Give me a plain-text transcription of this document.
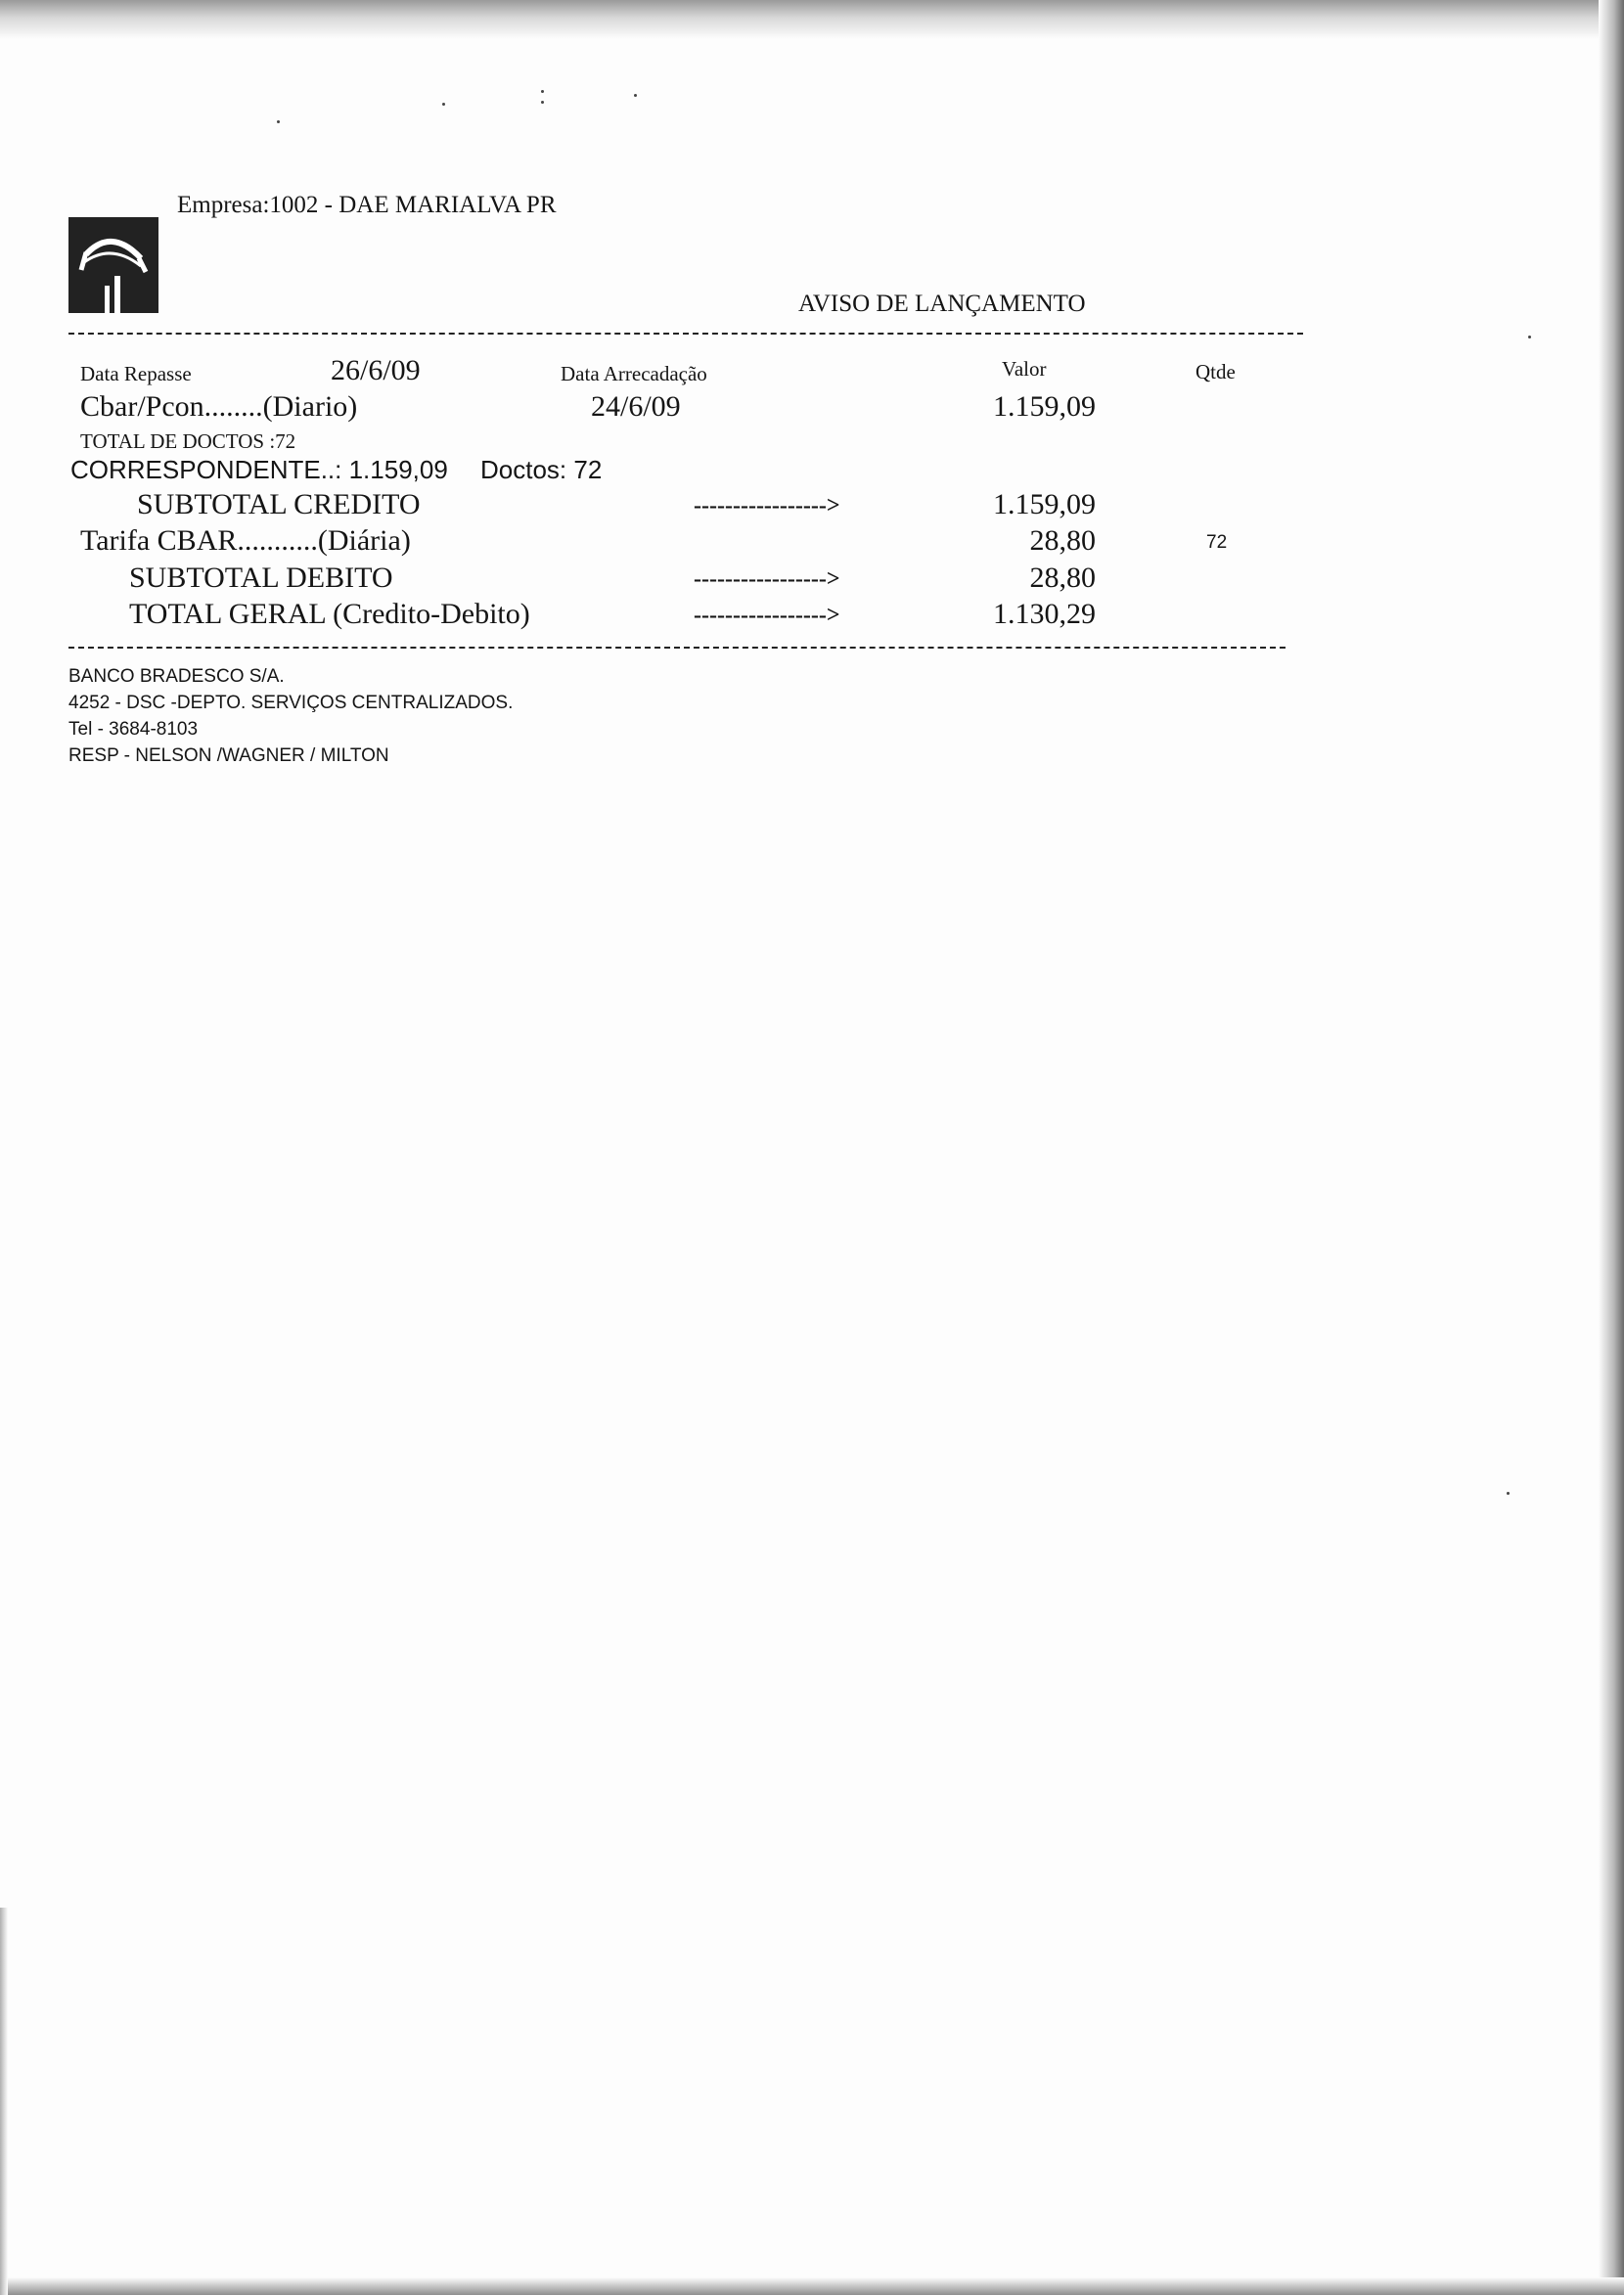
Empresa:1002 - DAE MARIALVA PR
AVISO DE LANÇAMENTO
Data Repasse	26/6/09	Data Arrecadação	Valor	Qtde
Cbar/Pcon........(Diario)	24/6/09	1.159,09
TOTAL DE DOCTOS :72
CORRESPONDENTE..: 1.159,09 Doctos: 72
SUBTOTAL CREDITO	----------------->	1.159,09
Tarifa CBAR...........(Diária)	28,80	72
SUBTOTAL DEBITO	----------------->	28,80
TOTAL GERAL (Credito-Debito)	----------------->	1.130,29
BANCO BRADESCO S/A.
4252 - DSC -DEPTO. SERVIÇOS CENTRALIZADOS.
Tel - 3684-8103
RESP - NELSON /WAGNER / MILTON
